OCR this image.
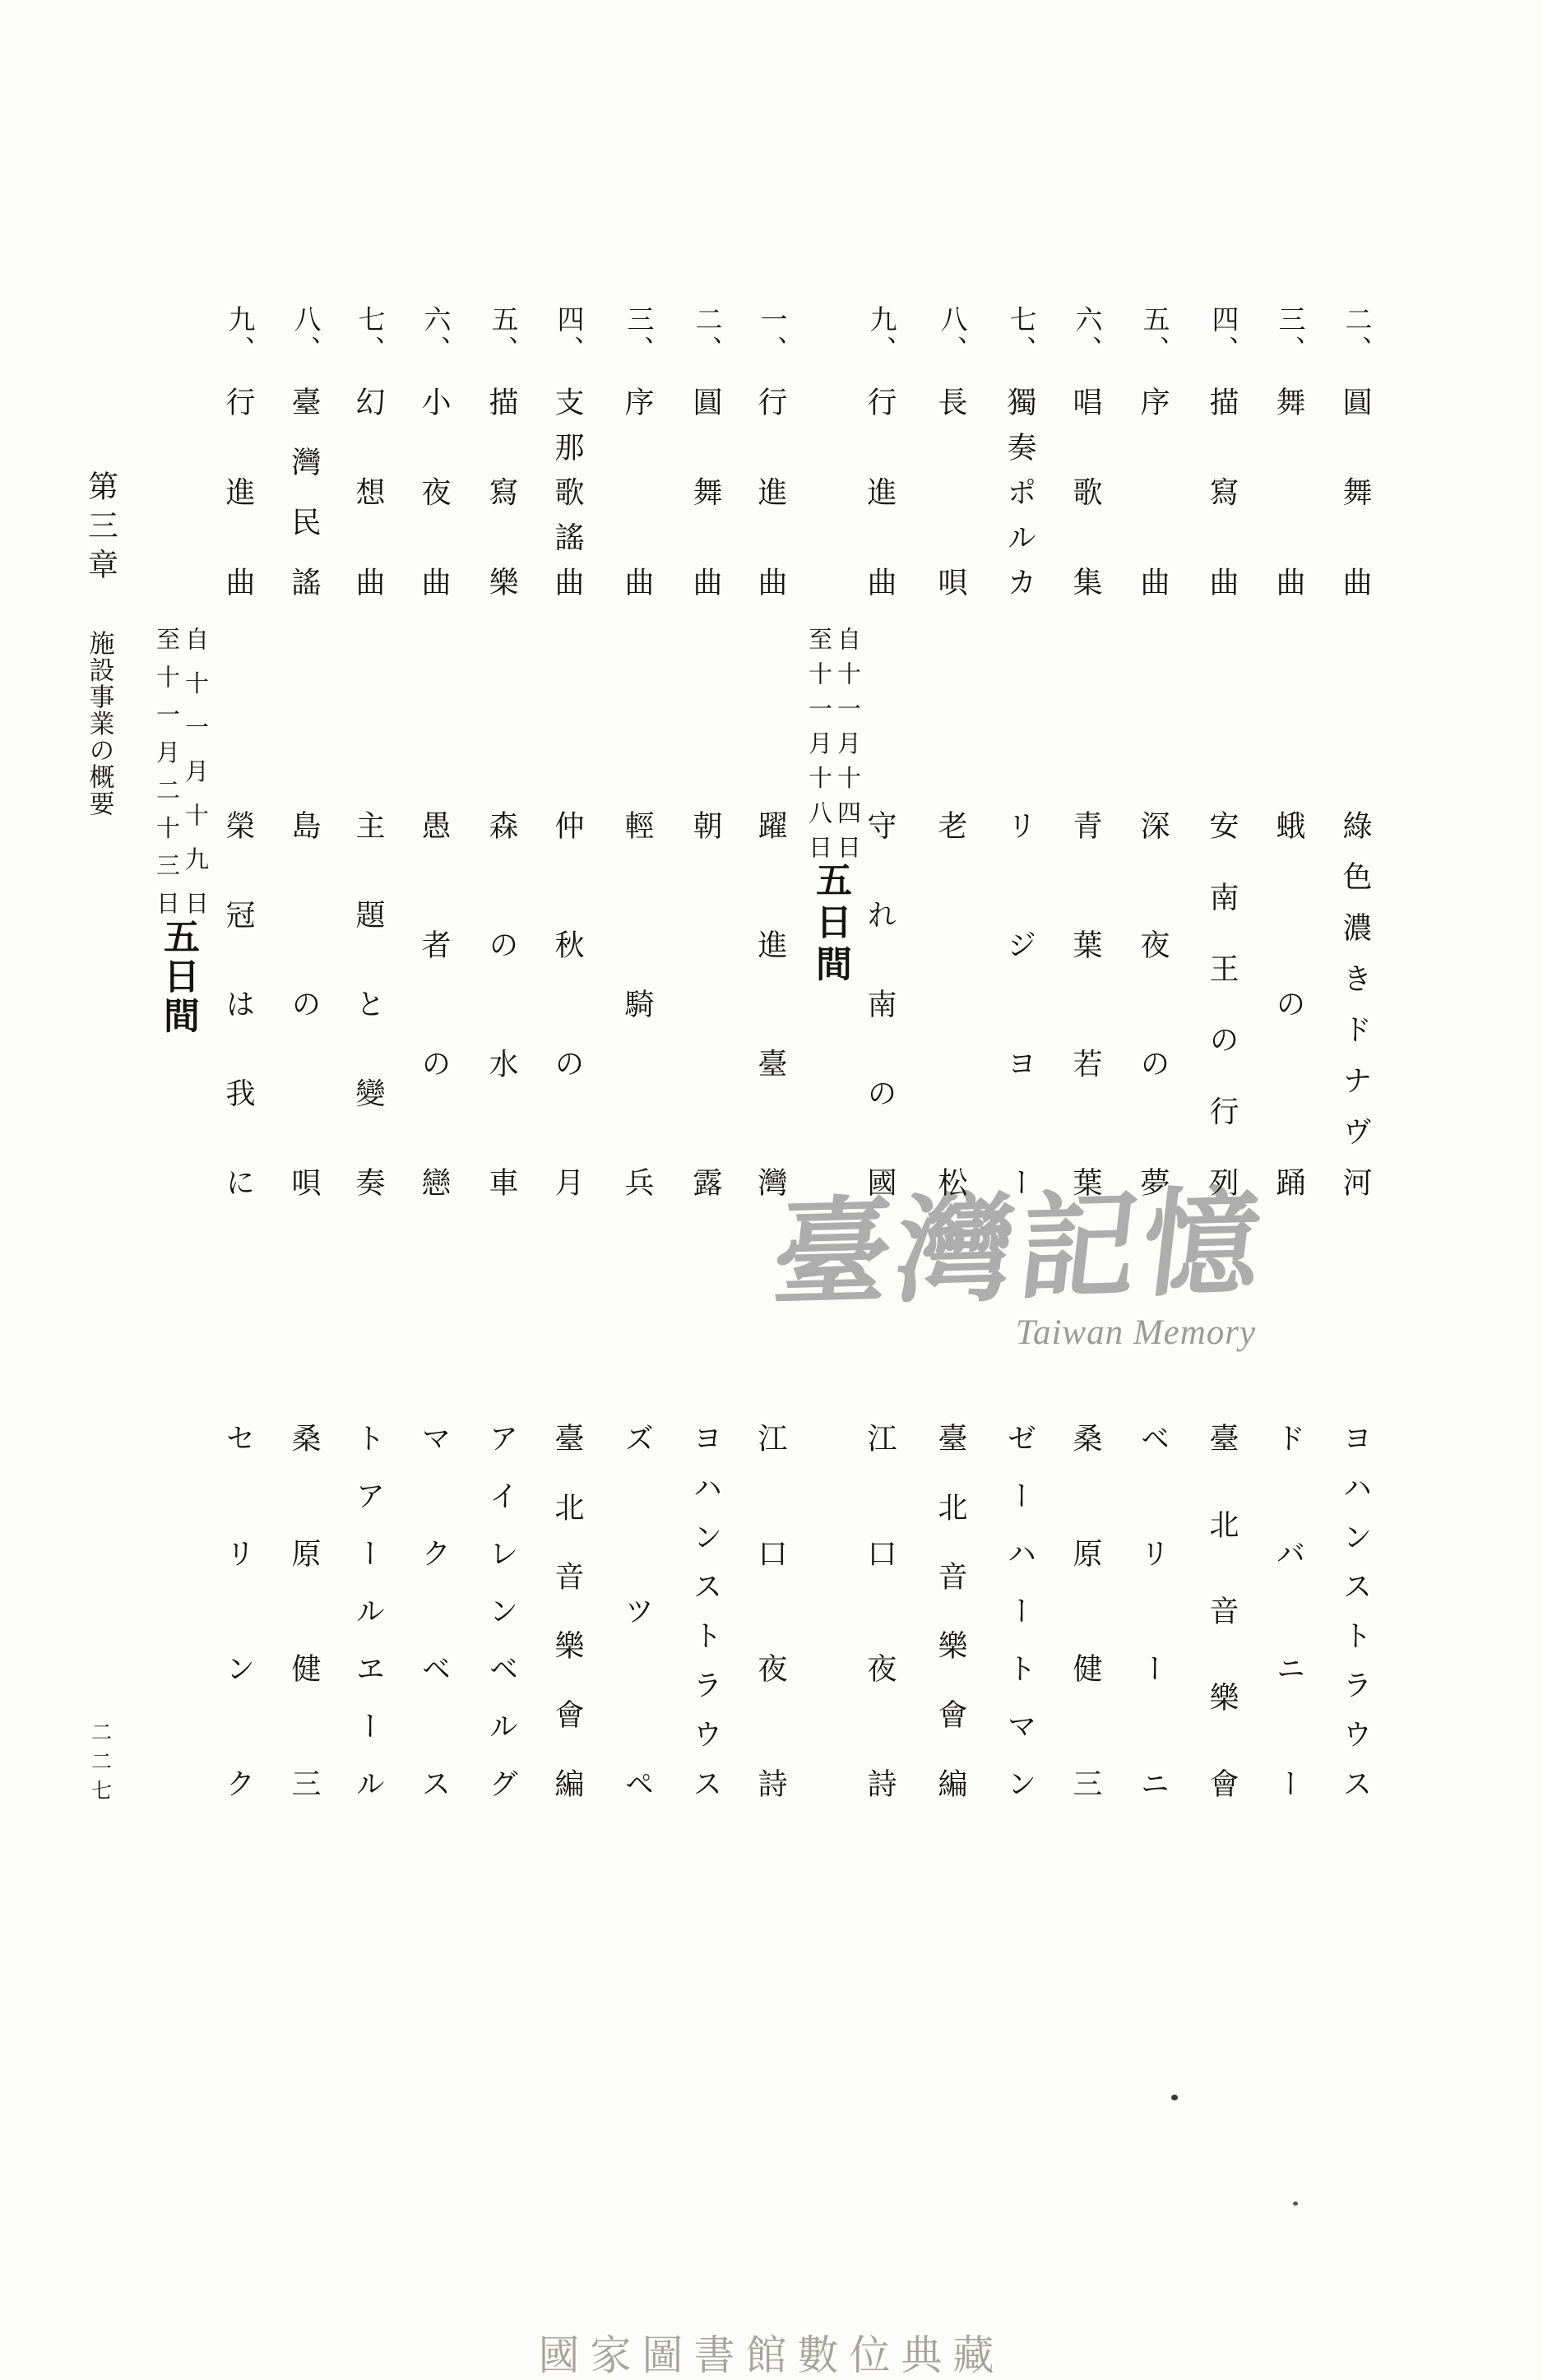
臺灣記憶
Taiwan Memory
二、
圓舞曲
綠色濃きドナヴ河
ヨハンストラウス
三、
舞曲
蛾の踊
ドバニー
四、
描寫曲
安南王の行列
臺北音樂會
五、
序曲
深夜の夢
ベリーニ
六、
唱歌集
青葉若葉
桑原健三
七、
獨奏ポルカ
リジヨー
ゼーハートマン
八、
長唄
老松
臺北音樂會編
九、
行進曲
守れ南の國
江口夜詩
自十一月十四日
至十一月十八日
五日間
一、
行進曲
躍進臺灣
江口夜詩
二、
圓舞曲
朝露
ヨハンストラウス
三、
序曲
輕騎兵
ズツペ
四、
支那歌謠曲
仲秋の月
臺北音樂會編
五、
描寫樂
森の水車
アイレンベルグ
六、
小夜曲
愚者の戀
マクベス
七、
幻想曲
主題と變奏
トアールヱール
八、
臺灣民謠
島の唄
桑原健三
九、
行進曲
榮冠は我に
セリンク
自十一月十九日
至十一月二十三日
五日間
第三章
施設事業の概要
二二七
國家圖書館數位典藏
